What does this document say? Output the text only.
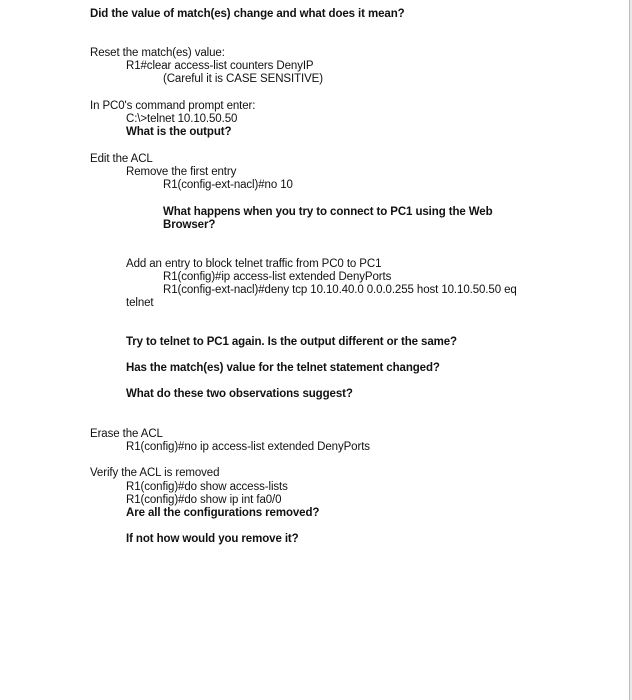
Did the value of match(es) change and what does it mean?
Reset the match(es) value:
R1#clear access-list counters DenyIP
(Careful it is CASE SENSITIVE)
In PC0's command prompt enter:
C:\>telnet 10.10.50.50
What is the output?
Edit the ACL
Remove the first entry
R1(config-ext-nacl)#no 10
What happens when you try to connect to PC1 using the Web Browser?
Add an entry to block telnet traffic from PC0 to PC1
R1(config)#ip access-list extended DenyPorts
R1(config-ext-nacl)#deny tcp 10.10.40.0 0.0.0.255 host 10.10.50.50 eq
telnet
Try to telnet to PC1 again. Is the output different or the same?
Has the match(es) value for the telnet statement changed?
What do these two observations suggest?
Erase the ACL
R1(config)#no ip access-list extended DenyPorts
Verify the ACL is removed
R1(config)#do show access-lists
R1(config)#do show ip int fa0/0
Are all the configurations removed?
If not how would you remove it?
